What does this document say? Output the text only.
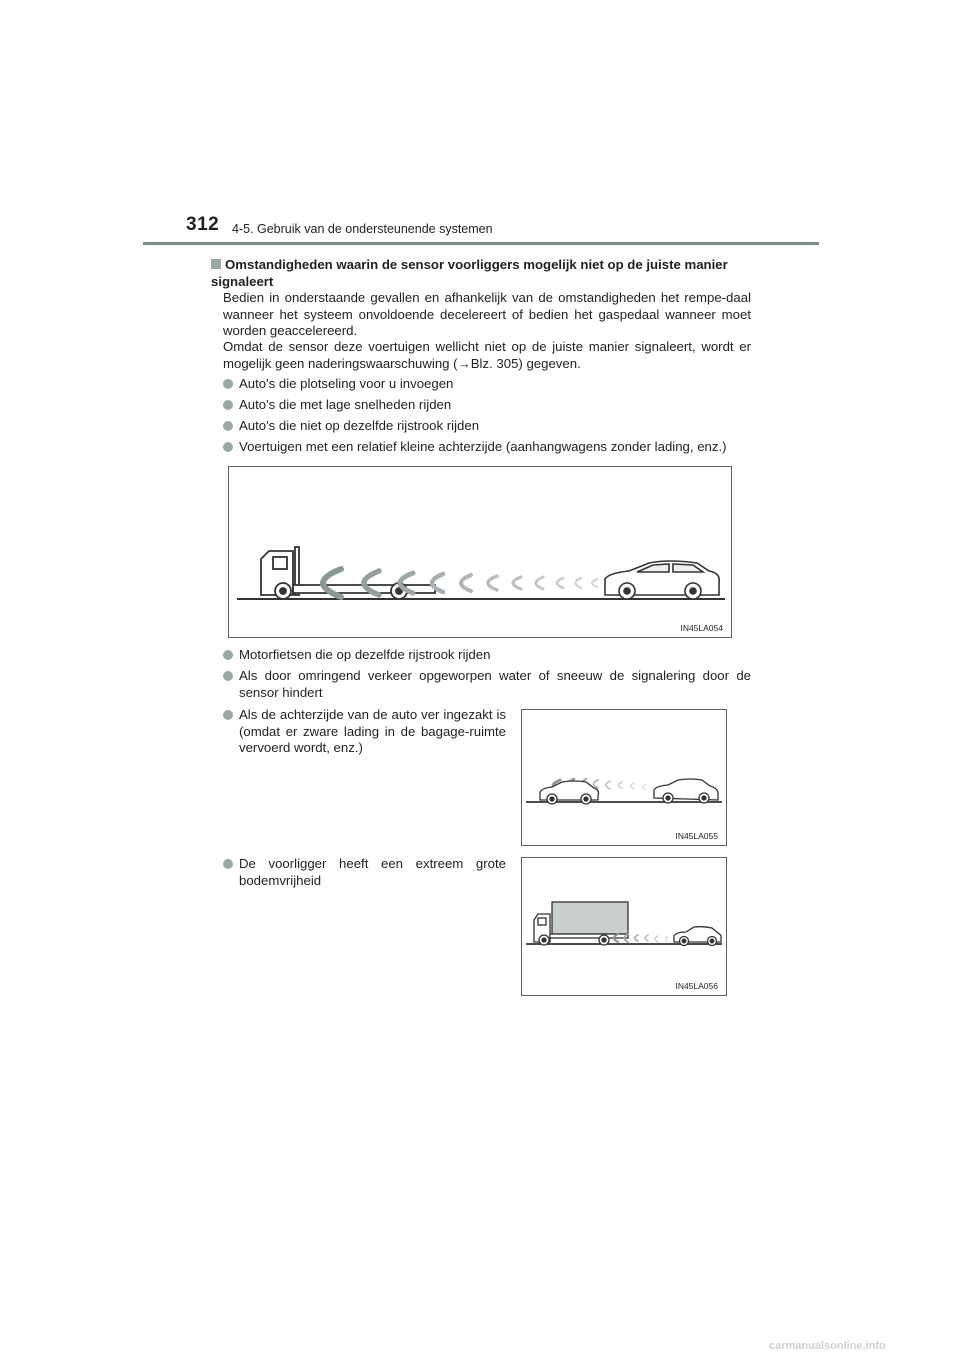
312 4-5. Gebruik van de ondersteunende systemen
Omstandigheden waarin de sensor voorliggers mogelijk niet op de juiste manier signaleert
Bedien in onderstaande gevallen en afhankelijk van de omstandigheden het rempe-daal wanneer het systeem onvoldoende decelereert of bedien het gaspedaal wanneer moet worden geaccelereerd.
Omdat de sensor deze voertuigen wellicht niet op de juiste manier signaleert, wordt er mogelijk geen naderingswaarschuwing (→Blz. 305) gegeven.
Auto's die plotseling voor u invoegen
Auto's die met lage snelheden rijden
Auto's die niet op dezelfde rijstrook rijden
Voertuigen met een relatief kleine achterzijde (aanhangwagens zonder lading, enz.)
IN45LA054
Motorfietsen die op dezelfde rijstrook rijden
Als door omringend verkeer opgeworpen water of sneeuw de signalering door de sensor hindert
Als de achterzijde van de auto ver ingezakt is (omdat er zware lading in de bagage-ruimte vervoerd wordt, enz.)
IN45LA055
De voorligger heeft een extreem grote bodemvrijheid
IN45LA056
carmanualsonline.info
